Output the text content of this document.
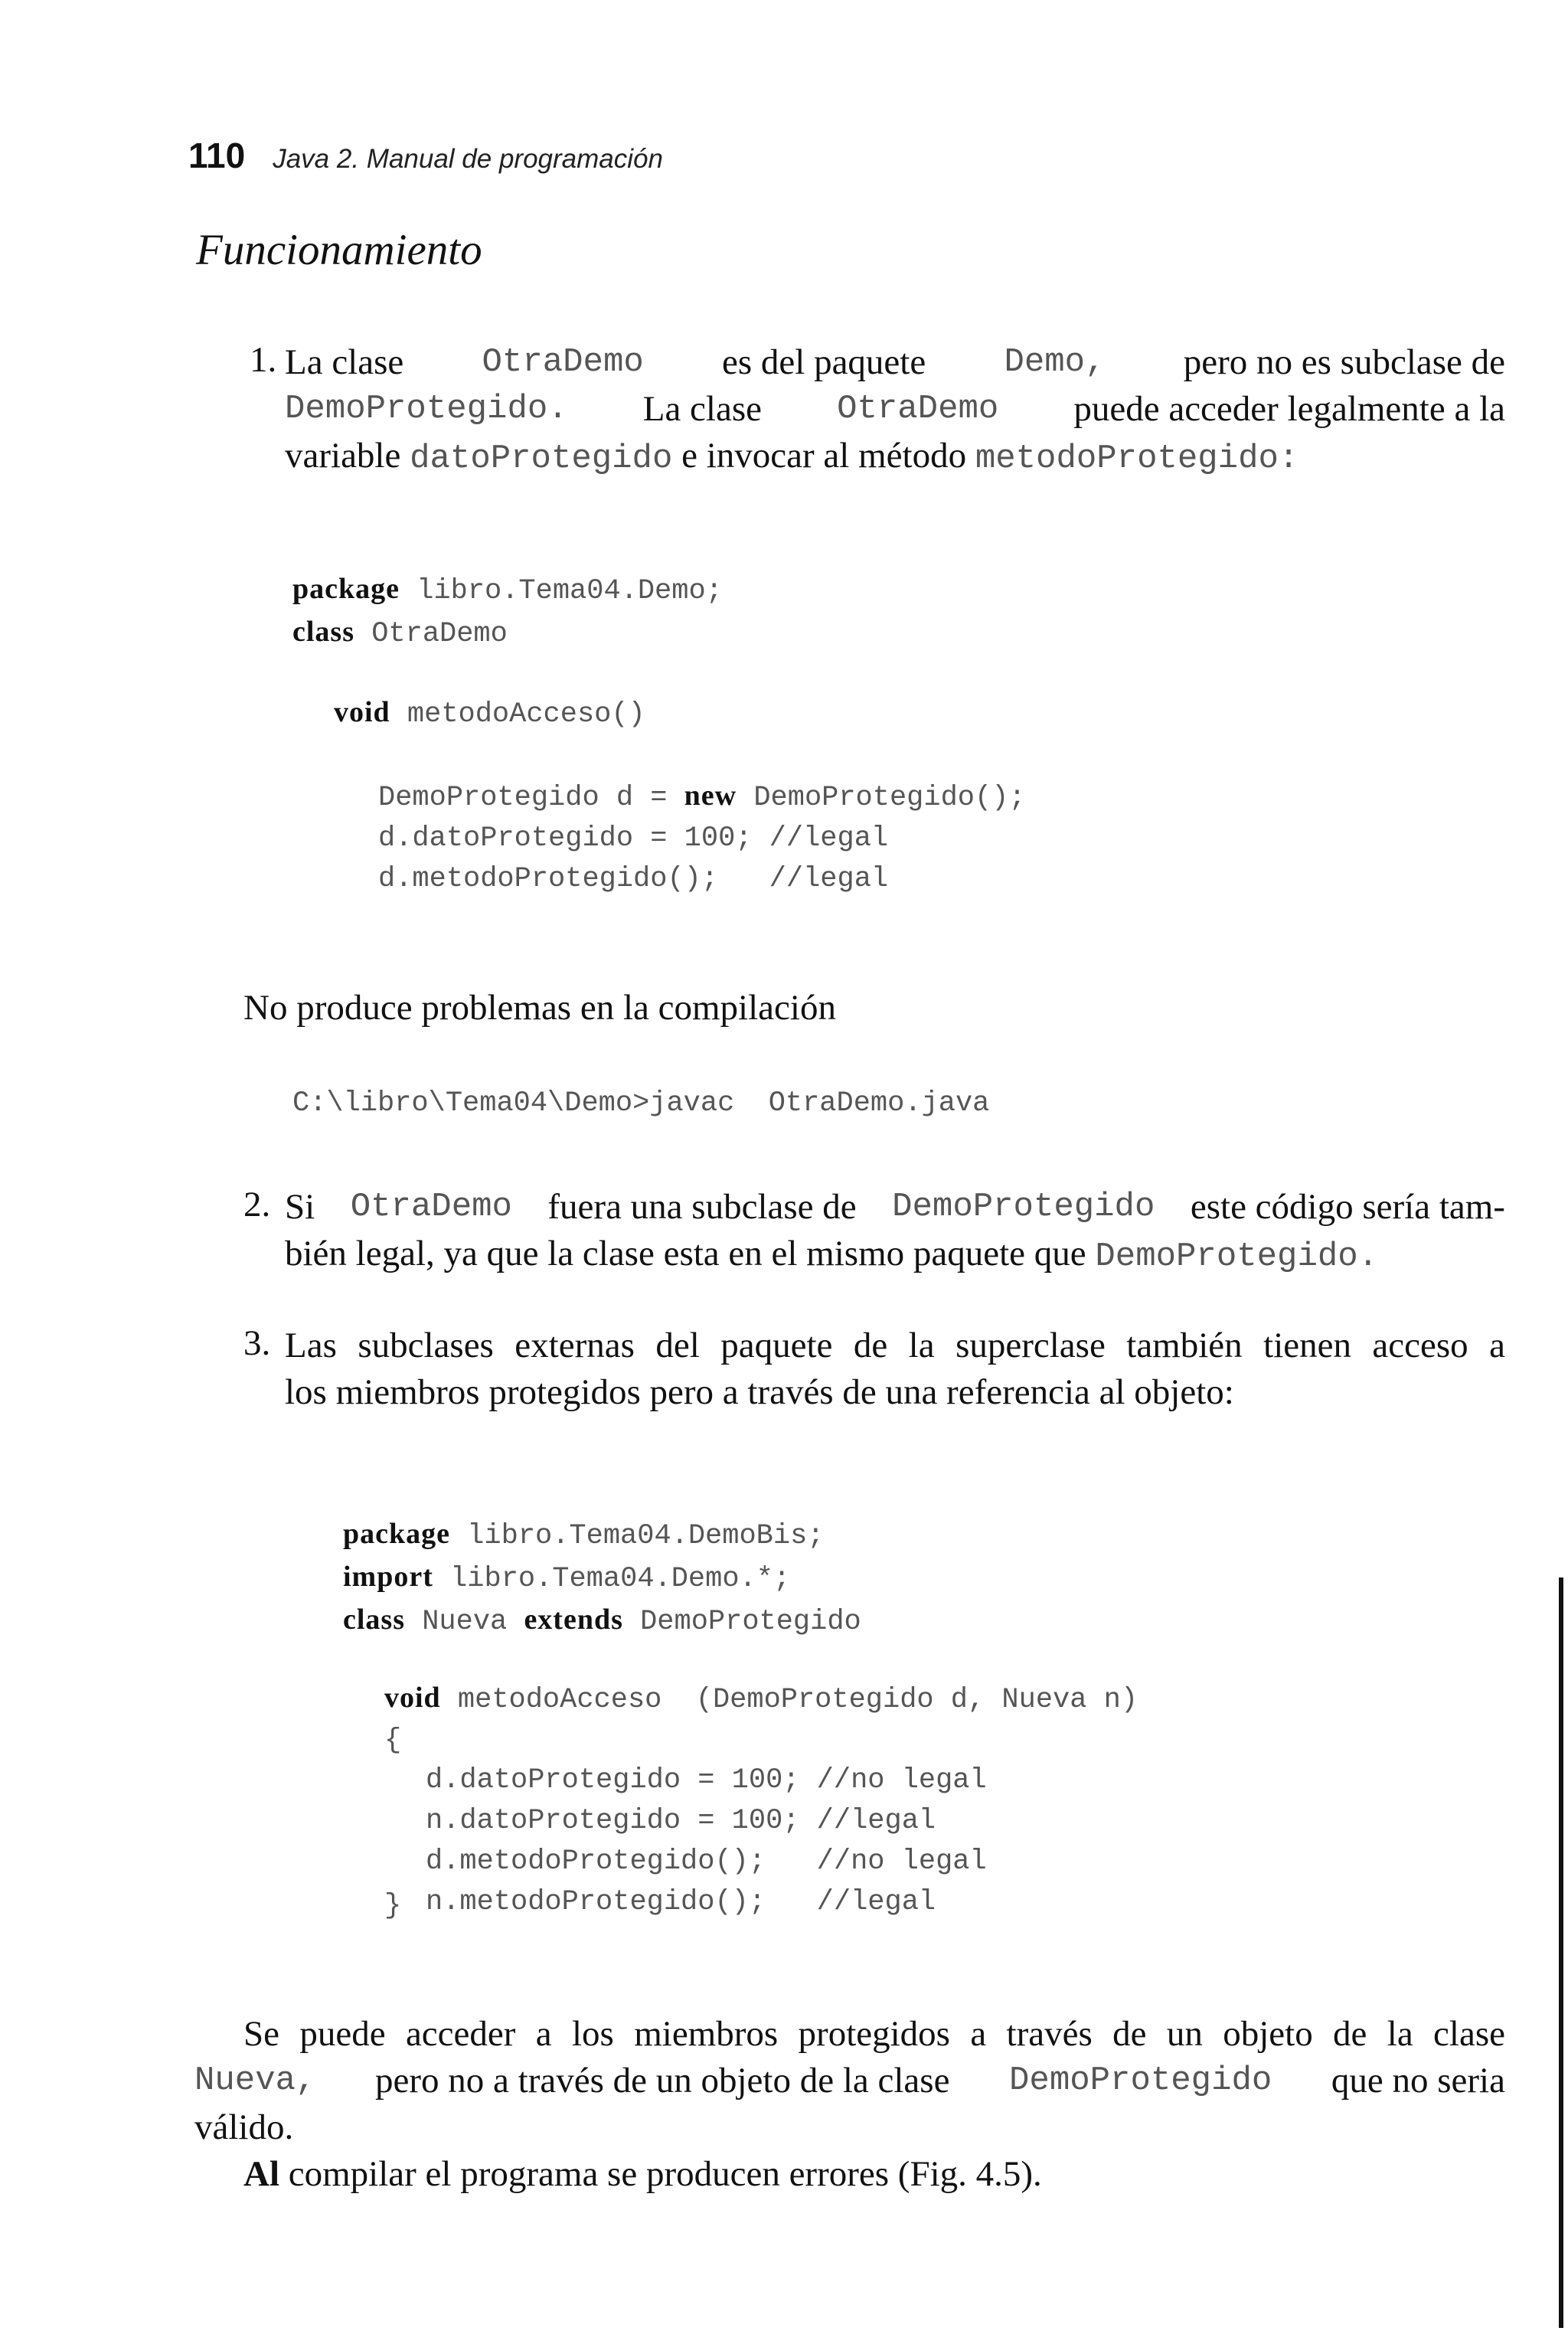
110 Java 2. Manual de programación
Funcionamiento
1. La clase OtraDemo es del paquete Demo, pero no es subclase de
DemoProtegido. La clase OtraDemo puede acceder legalmente a la
variable datoProtegido e invocar al método metodoProtegido:

package libro.Tema04.Demo;
class OtraDemo

void metodoAcceso()

DemoProtegido d = new DemoProtegido();
d.datoProtegido = 100; //legal
d.metodoProtegido();   //legal
No produce problemas en la compilación
C:\libro\Tema04\Demo>javac  OtraDemo.java
2. Si OtraDemo fuera una subclase de DemoProtegido este código sería tam-
bién legal, ya que la clase esta en el mismo paquete que DemoProtegido.
3. Las subclases externas del paquete de la superclase también tienen acceso a
los miembros protegidos pero a través de una referencia al objeto:

package libro.Tema04.DemoBis;
import libro.Tema04.Demo.*;
class Nueva extends DemoProtegido

void metodoAcceso  (DemoProtegido d, Nueva n)
{

d.datoProtegido = 100; //no legal
n.datoProtegido = 100; //legal
d.metodoProtegido();   //no legal
n.metodoProtegido();   //legal
}
Se puede acceder a los miembros protegidos a través de un objeto de la clase
Nueva, pero no a través de un objeto de la clase DemoProtegido que no seria
válido.
Al compilar el programa se producen errores (Fig. 4.5).
